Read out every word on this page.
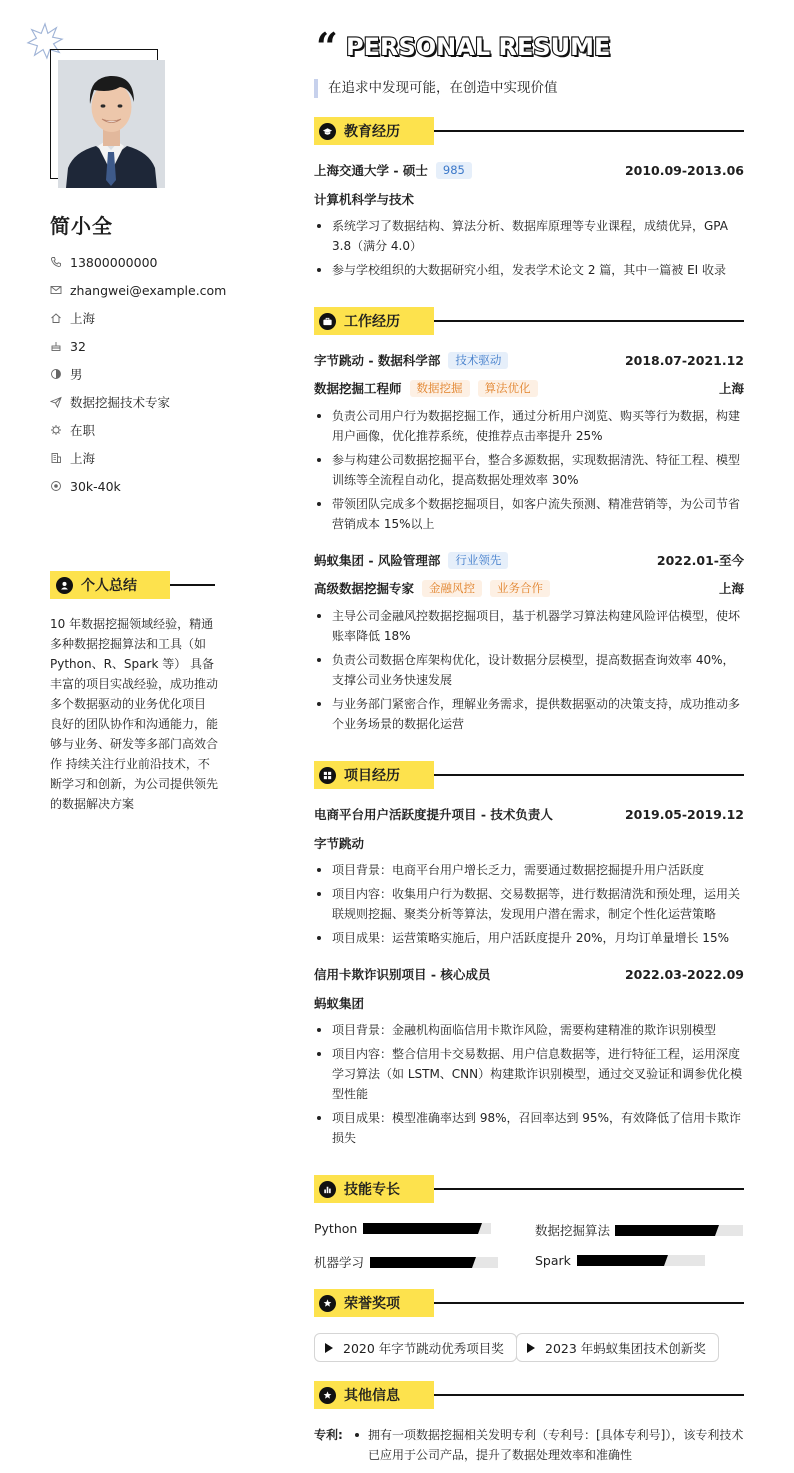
简小全
13800000000
zhangwei@example.com
上海
32
男
数据挖掘技术专家
在职
上海
30k-40k
个人总结
10 年数据挖掘领域经验，精通多种数据挖掘算法和工具（如 Python、R、Spark 等） 具备丰富的项目实战经验，成功推动多个数据驱动的业务优化项目 良好的团队协作和沟通能力，能够与业务、研发等多部门高效合作 持续关注行业前沿技术，不断学习和创新，为公司提供领先的数据解决方案
“ PERSONAL RESUME
在追求中发现可能，在创造中实现价值
教育经历
上海交通大学 - 硕士	985	2010.09-2013.06
计算机科学与技术
系统学习了数据结构、算法分析、数据库原理等专业课程，成绩优异，GPA 3.8（满分 4.0）
参与学校组织的大数据研究小组，发表学术论文 2 篇，其中一篇被 EI 收录
工作经历
字节跳动 - 数据科学部	技术驱动	2018.07-2021.12
数据挖掘工程师	数据挖掘	算法优化	上海
负责公司用户行为数据挖掘工作，通过分析用户浏览、购买等行为数据，构建用户画像，优化推荐系统，使推荐点击率提升 25%
参与构建公司数据挖掘平台，整合多源数据，实现数据清洗、特征工程、模型训练等全流程自动化，提高数据处理效率 30%
带领团队完成多个数据挖掘项目，如客户流失预测、精准营销等，为公司节省营销成本 15%以上
蚂蚁集团 - 风险管理部	行业领先	2022.01-至今
高级数据挖掘专家	金融风控	业务合作	上海
主导公司金融风控数据挖掘项目，基于机器学习算法构建风险评估模型，使坏账率降低 18%
负责公司数据仓库架构优化，设计数据分层模型，提高数据查询效率 40%，支撑公司业务快速发展
与业务部门紧密合作，理解业务需求，提供数据驱动的决策支持，成功推动多个业务场景的数据化运营
项目经历
电商平台用户活跃度提升项目 - 技术负责人	2019.05-2019.12
字节跳动
项目背景：电商平台用户增长乏力，需要通过数据挖掘提升用户活跃度
项目内容：收集用户行为数据、交易数据等，进行数据清洗和预处理，运用关联规则挖掘、聚类分析等算法，发现用户潜在需求，制定个性化运营策略
项目成果：运营策略实施后，用户活跃度提升 20%，月均订单量增长 15%
信用卡欺诈识别项目 - 核心成员	2022.03-2022.09
蚂蚁集团
项目背景：金融机构面临信用卡欺诈风险，需要构建精准的欺诈识别模型
项目内容：整合信用卡交易数据、用户信息数据等，进行特征工程，运用深度学习算法（如 LSTM、CNN）构建欺诈识别模型，通过交叉验证和调参优化模型性能
项目成果：模型准确率达到 98%，召回率达到 95%，有效降低了信用卡欺诈损失
技能专长
Python	数据挖掘算法
机器学习	Spark
荣誉奖项
2020 年字节跳动优秀项目奖	2023 年蚂蚁集团技术创新奖
其他信息
专利:	拥有一项数据挖掘相关发明专利（专利号：[具体专利号]），该专利技术已应用于公司产品，提升了数据处理效率和准确性
